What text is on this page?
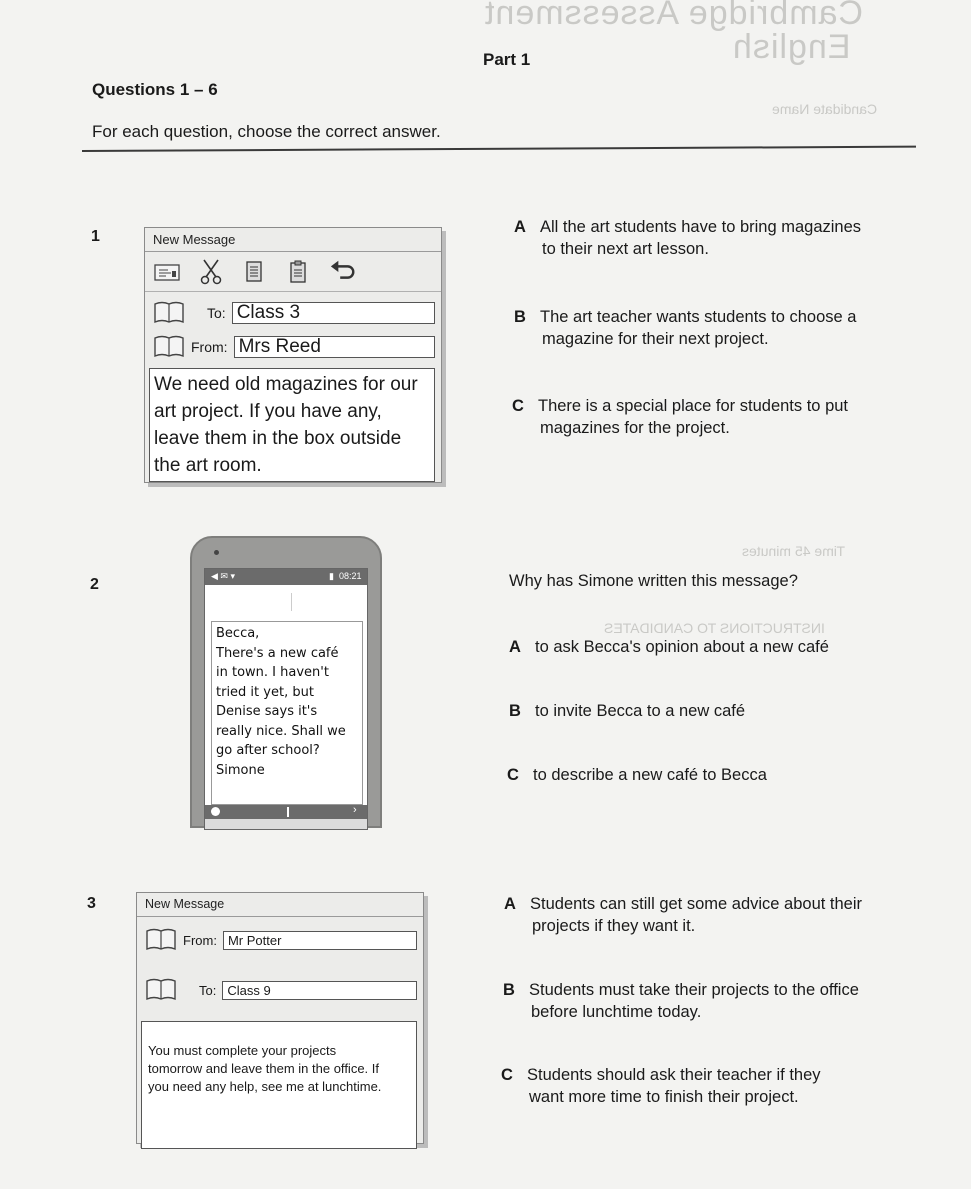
Cambridge Assessment
English
Candidate Name
Time 45 minutes
INSTRUCTIONS TO CANDIDATES
Part 1
Questions 1 – 6
For each question, choose the correct answer.
1	New Message
To: Class 3
From: Mrs Reed
We need old magazines for our
art project. If you have any,
leave them in the box outside
the art room.
A All the art students have to bring magazines
to their next art lesson.
B The art teacher wants students to choose a
magazine for their next project.
C There is a special place for students to put
magazines for the project.
2	◀ ✉ ▾	▮ 08:21
Becca,
There's a new café
in town. I haven't
tried it yet, but
Denise says it's
really nice. Shall we
go after school?
Simone
›
Why has Simone written this message?
A to ask Becca's opinion about a new café
B to invite Becca to a new café
C to describe a new café to Becca
3	New Message
From: Mr Potter
To: Class 9
You must complete your projects
tomorrow and leave them in the office. If
you need any help, see me at lunchtime.
A Students can still get some advice about their
projects if they want it.
B Students must take their projects to the office
before lunchtime today.
C Students should ask their teacher if they
want more time to finish their project.
